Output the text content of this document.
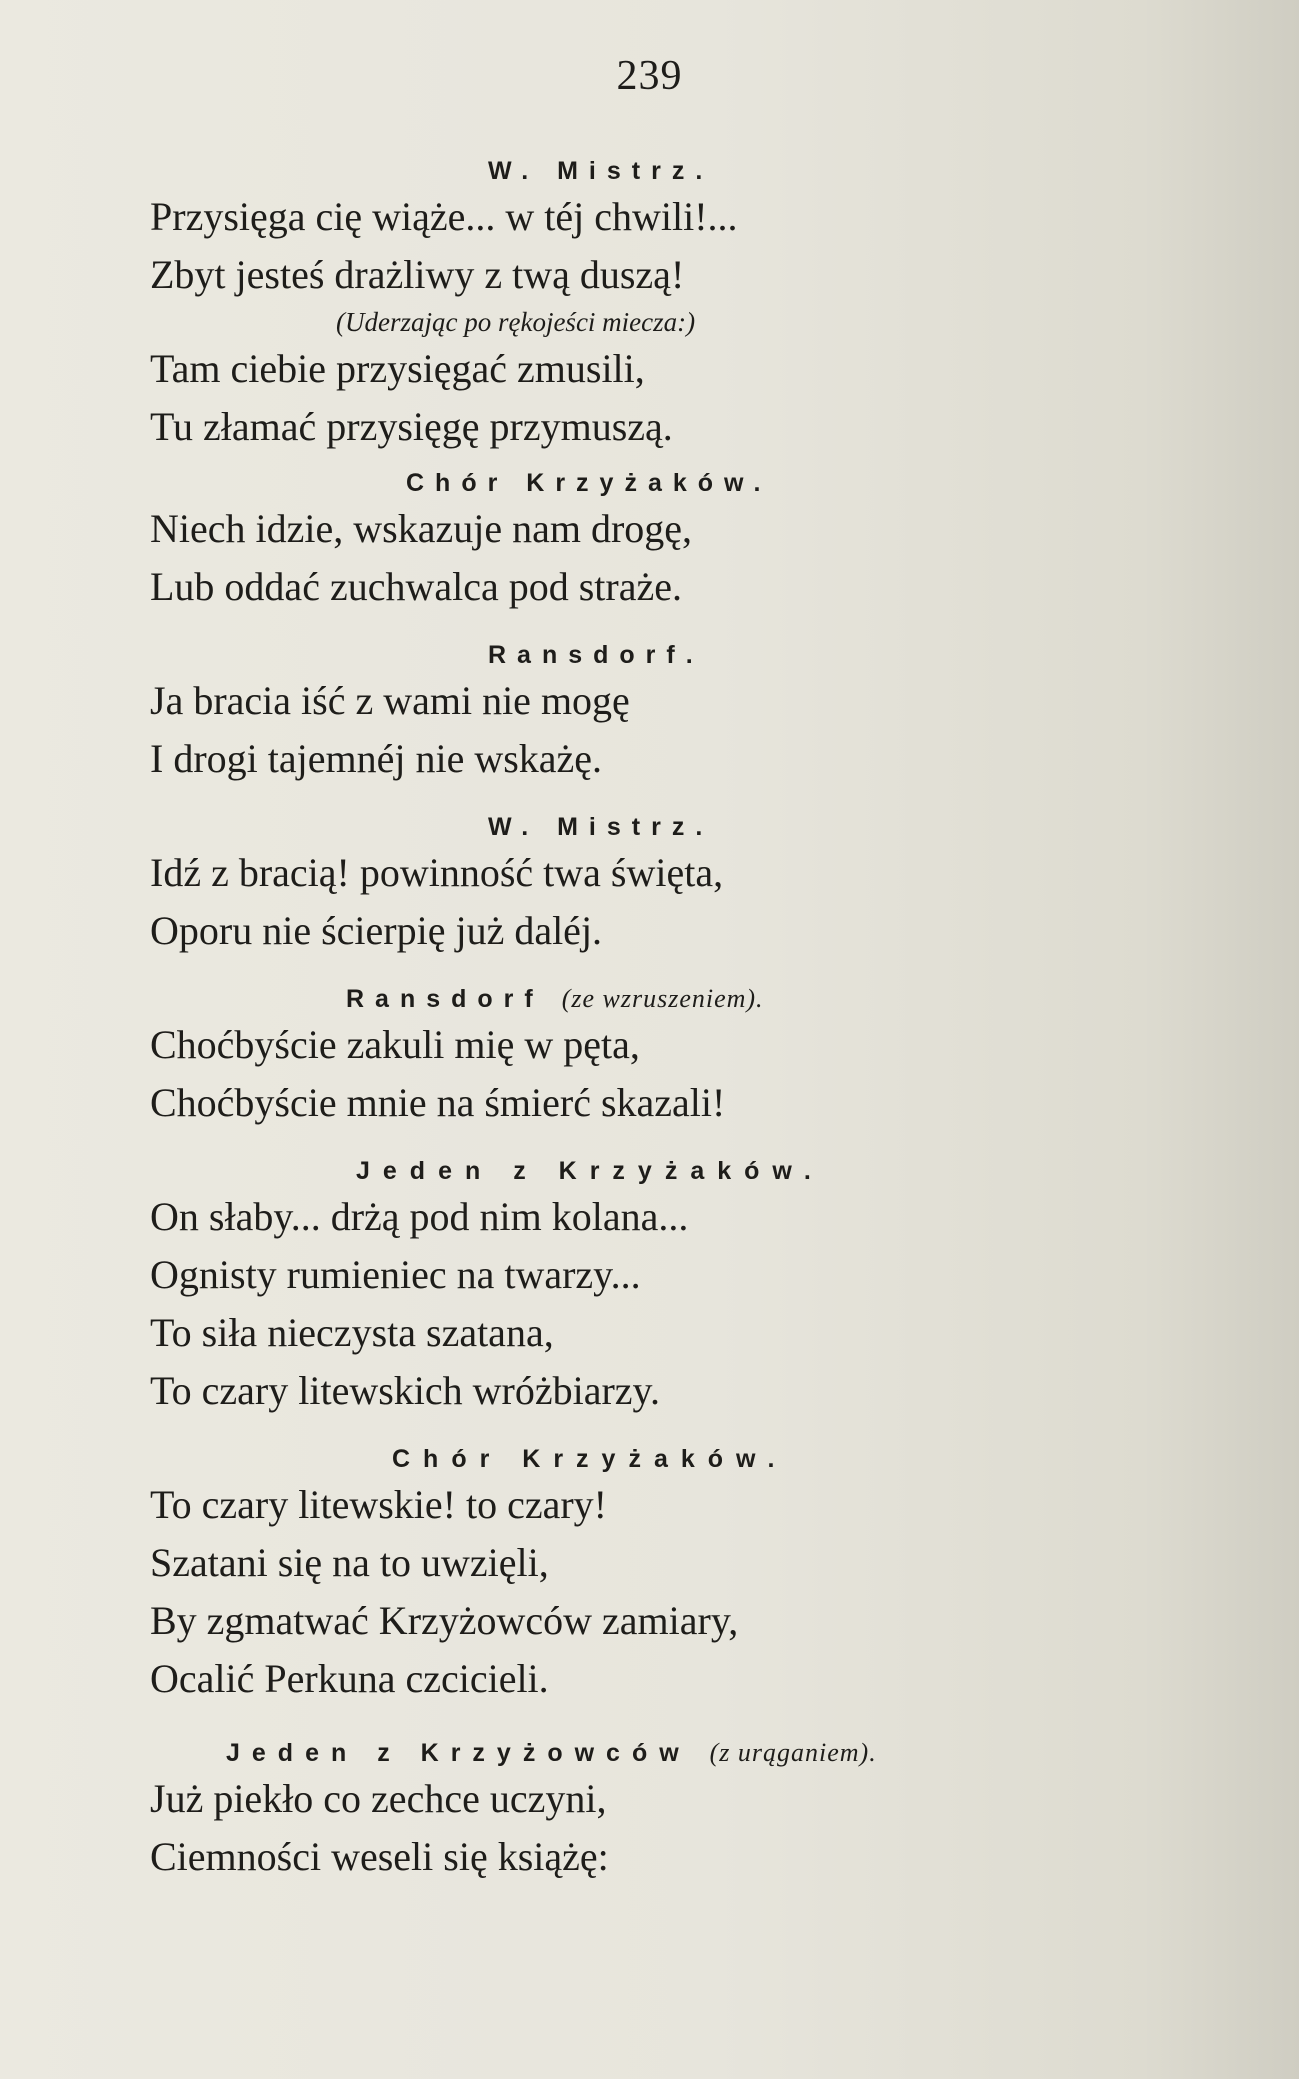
239
W. Mistrz.
Przysięga cię wiąże... w téj chwili!...
Zbyt jesteś drażliwy z twą duszą!
(Uderzając po rękojeści miecza:)
Tam ciebie przysięgać zmusili,
Tu złamać przysięgę przymuszą.
Chór Krzyżaków.
Niech idzie, wskazuje nam drogę,
Lub oddać zuchwalca pod straże.
Ransdorf.
Ja bracia iść z wami nie mogę
I drogi tajemnéj nie wskażę.
W. Mistrz.
Idź z bracią! powinność twa święta,
Oporu nie ścierpię już daléj.
Ransdorf (ze wzruszeniem).
Choćbyście zakuli mię w pęta,
Choćbyście mnie na śmierć skazali!
Jeden z Krzyżaków.
On słaby... drżą pod nim kolana...
Ognisty rumieniec na twarzy...
To siła nieczysta szatana,
To czary litewskich wróżbiarzy.
Chór Krzyżaków.
To czary litewskie! to czary!
Szatani się na to uwzięli,
By zgmatwać Krzyżowców zamiary,
Ocalić Perkuna czcicieli.
Jeden z Krzyżowców (z urąganiem).
Już piekło co zechce uczyni,
Ciemności weseli się książę:
